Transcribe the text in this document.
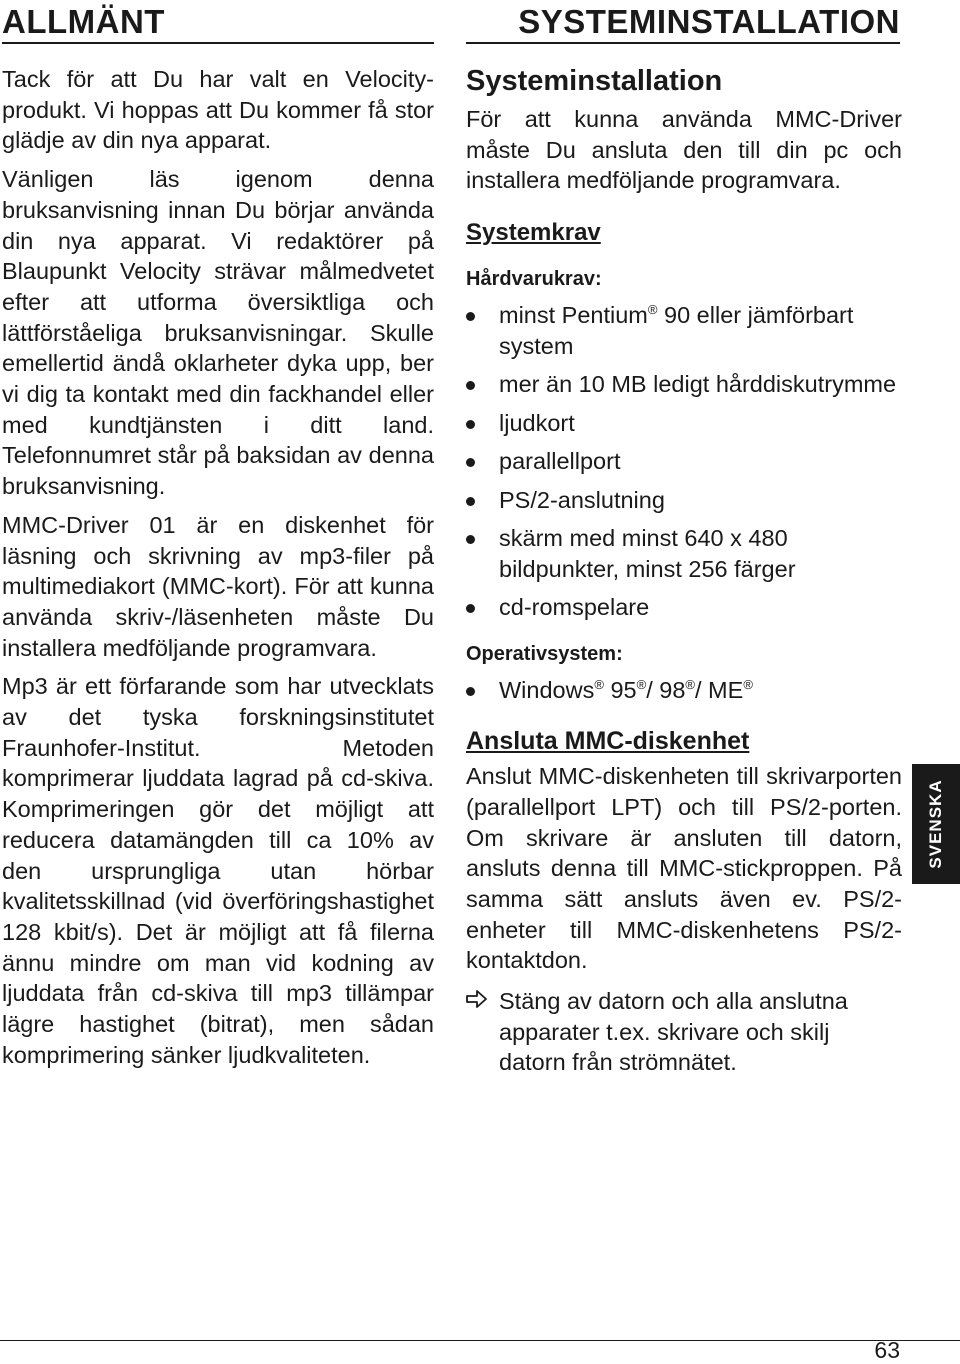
ALLMÄNT

Tack för att Du har valt en Velocity-produkt. Vi hoppas att Du kommer få stor glädje av din nya apparat.

Vänligen läs igenom denna bruksanvisning innan Du börjar använda din nya apparat. Vi redaktörer på Blaupunkt Velocity strävar målmedvetet efter att utforma översiktliga och lättförståeliga bruksanvisningar. Skulle emellertid ändå oklarheter dyka upp, ber vi dig ta kontakt med din fackhandel eller med kundtjänsten i ditt land. Telefonnumret står på baksidan av denna bruksanvisning.

MMC-Driver 01 är en diskenhet för läsning och skrivning av mp3-filer på multimediakort (MMC-kort). För att kunna använda skriv-/läsenheten måste Du installera medföljande programvara.

Mp3 är ett förfarande som har utvecklats av det tyska forskningsinstitutet Fraunhofer-Institut. Metoden komprimerar ljuddata lagrad på cd-skiva. Komprimeringen gör det möjligt att reducera datamängden till ca 10% av den ursprungliga utan hörbar kvalitetsskillnad (vid överföringshastighet 128 kbit/s). Det är möjligt att få filerna ännu mindre om man vid kodning av ljuddata från cd-skiva till mp3 tillämpar lägre hastighet (bitrat), men sådan komprimering sänker ljudkvaliteten.

SYSTEMINSTALLATION
Systeminstallation

För att kunna använda MMC-Driver måste Du ansluta den till din pc och installera medföljande programvara.

Systemkrav
Hårdvarukrav:
minst Pentium® 90 eller jämförbart system
mer än 10 MB ledigt hårddiskutrymme
ljudkort
parallellport
PS/2-anslutning
skärm med minst 640 x 480 bildpunkter, minst 256 färger
cd-romspelare
Operativsystem:
Windows® 95®/ 98®/ ME®
Ansluta MMC-diskenhet

Anslut MMC-diskenheten till skrivarporten (parallellport LPT) och till PS/2-porten. Om skrivare är ansluten till datorn, ansluts denna till MMC-stickproppen. På samma sätt ansluts även ev. PS/2-enheter till MMC-diskenhetens PS/2-kontaktdon.

Stäng av datorn och alla anslutna apparater t.ex. skrivare och skilj datorn från strömnätet.
SVENSKA
63
